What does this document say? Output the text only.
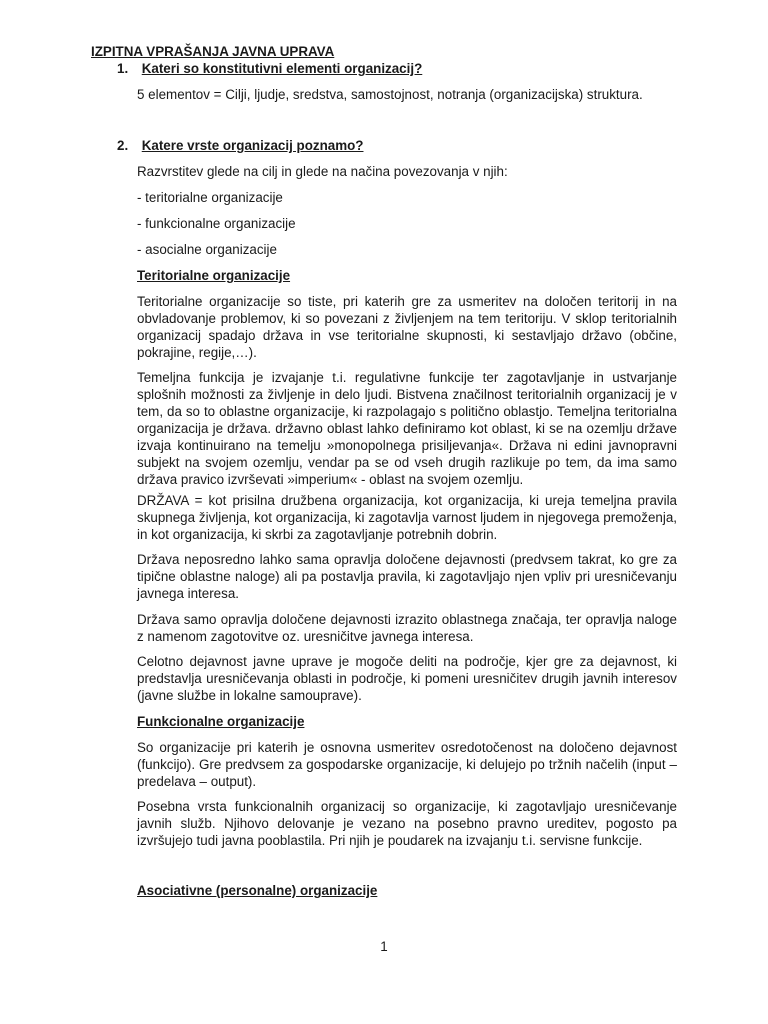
IZPITNA VPRAŠANJA JAVNA UPRAVA
1. Kateri so konstitutivni elementi organizacij?

5 elementov = Cilji, ljudje, sredstva, samostojnost, notranja (organizacijska) struktura.

2. Katere vrste organizacij poznamo?

Razvrstitev glede na cilj in glede na načina povezovanja v njih:

- teritorialne organizacije

- funkcionalne organizacije

- asocialne organizacije

Teritorialne organizacije

Teritorialne organizacije so tiste, pri katerih gre za usmeritev na določen teritorij in na obvladovanje problemov, ki so povezani z življenjem na tem teritoriju. V sklop teritorialnih organizacij spadajo država in vse teritorialne skupnosti, ki sestavljajo državo (občine, pokrajine, regije,…).

Temeljna funkcija je izvajanje t.i. regulativne funkcije ter zagotavljanje in ustvarjanje splošnih možnosti za življenje in delo ljudi. Bistvena značilnost teritorialnih organizacij je v tem, da so to oblastne organizacije, ki razpolagajo s politično oblastjo. Temeljna teritorialna organizacija je država. državno oblast lahko definiramo kot oblast, ki se na ozemlju države izvaja kontinuirano na temelju »monopolnega prisiljevanja«. Država ni edini javnopravni subjekt na svojem ozemlju, vendar pa se od vseh drugih razlikuje po tem, da ima samo država pravico izvrševati »imperium« - oblast na svojem ozemlju.

DRŽAVA = kot prisilna družbena organizacija, kot organizacija, ki ureja temeljna pravila skupnega življenja, kot organizacija, ki zagotavlja varnost ljudem in njegovega premoženja, in kot organizacija, ki skrbi za zagotavljanje potrebnih dobrin.

Država neposredno lahko sama opravlja določene dejavnosti (predvsem takrat, ko gre za tipične oblastne naloge) ali pa postavlja pravila, ki zagotavljajo njen vpliv pri uresničevanju javnega interesa.

Država samo opravlja določene dejavnosti izrazito oblastnega značaja, ter opravlja naloge z namenom zagotovitve oz. uresničitve javnega interesa.

Celotno dejavnost javne uprave je mogoče deliti na področje, kjer gre za dejavnost, ki predstavlja uresničevanja oblasti in področje, ki pomeni uresničitev drugih javnih interesov (javne službe in lokalne samouprave).

Funkcionalne organizacije

So organizacije pri katerih je osnovna usmeritev osredotočenost na določeno dejavnost (funkcijo). Gre predvsem za gospodarske organizacije, ki delujejo po tržnih načelih (input – predelava – output).

Posebna vrsta funkcionalnih organizacij so organizacije, ki zagotavljajo uresničevanje javnih služb. Njihovo delovanje je vezano na posebno pravno ureditev, pogosto pa izvršujejo tudi javna pooblastila. Pri njih je poudarek na izvajanju t.i. servisne funkcije.

Asociativne (personalne) organizacije
1
